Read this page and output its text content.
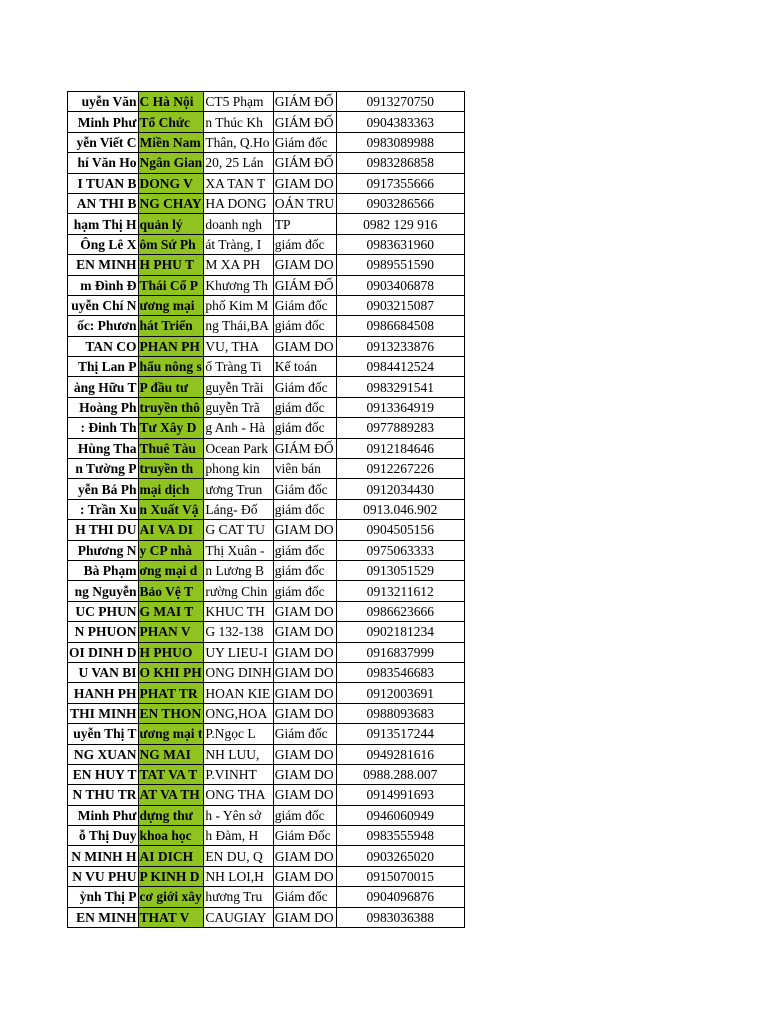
uyễn Văn	C Hà Nội	CT5 Phạm	GIÁM ĐỐ	0913270750
Minh Phư	Tổ Chức	n Thúc Kh	GIÁM ĐỐ	0904383363
yễn Viết C	Miền Nam	Thân, Q.Ho	Giám đốc	0983089988
hí Văn Ho	Ngân Gian	20, 25 Lán	GIÁM ĐỐ	0983286858
I TUAN B	DONG V	XA TAN T	GIAM DO	0917355666
AN THI B	NG CHAY	HA DONG	OÁN TRU	0903286566
hạm Thị H	quản lý	doanh ngh	TP	0982 129 916
Ông Lê X	ôm Sứ Ph	át Tràng, I	giám đốc	0983631960
EN MINH	H PHU T	M XA PH	GIAM DO	0989551590
m Đình Đ	Thái Cổ P	Khương Th	GIÁM ĐỐ	0903406878
uyễn Chí N	ương mại	phố Kim M	Giám đốc	0903215087
ốc: Phươn	hát Triển	ng Thái,BA	giám đốc	0986684508
TAN CO	PHAN PH	VU, THA	GIAM DO	0913233876
Thị Lan P	hẩu nông s	ố Tràng Ti	Kế toán	0984412524
àng Hữu T	P đầu tư	guyễn Trãi	Giám đốc	0983291541
Hoàng Ph	truyền thô	guyễn Trã	giám đốc	0913364919
: Đinh Th	Tư Xây D	g Anh - Hà	giám đốc	0977889283
Hùng Tha	Thuê Tàu	Ocean Park	GIÁM ĐỐ	0912184646
n Tường P	truyền th	phong kin	viên bán	0912267226
yễn Bá Ph	mại dịch	ương Trun	Giám đốc	0912034430
: Trần Xu	n Xuất Vậ	Láng- Đố	giám đốc	0913.046.902
H THI DU	AI VA DI	G CAT TU	GIAM DO	0904505156
Phương N	y CP nhà	Thị Xuân -	giám đốc	0975063333
Bà Phạm	ơng mại d	n Lương B	giám đốc	0913051529
ng Nguyễn	Bảo Vệ T	rường Chin	giám đốc	0913211612
UC PHUN	G MAI T	KHUC TH	GIAM DO	0986623666
N PHUON	PHAN V	G 132-138	GIAM DO	0902181234
OI DINH D	H PHUO	UY LIEU-I	GIAM DO	0916837999
U VAN BI	O KHI PH	ONG DINH	GIAM DO	0983546683
HANH PH	PHAT TR	HOAN KIE	GIAM DO	0912003691
THI MINH	EN THON	ONG,HOA	GIAM DO	0988093683
uyễn Thị T	ương mại t	P.Ngọc L	Giám đốc	0913517244
NG XUAN	NG MAI	NH LUU,	GIAM DO	0949281616
EN HUY T	TAT VA T	P.VINHT	GIAM DO	0988.288.007
N THU TR	AT VA TH	ONG THA	GIAM DO	0914991693
Minh Phư	dựng thư	h - Yên sở	giám đốc	0946060949
ỗ Thị Duy	khoa học	h Đàm, H	Giám Đốc	0983555948
N MINH H	AI DICH	EN DU, Q	GIAM DO	0903265020
N VU PHU	P KINH D	NH LOI,H	GIAM DO	0915070015
ỳnh Thị P	cơ giới xây	hương Tru	Giám đốc	0904096876
EN MINH	THAT V	CAUGIAY	GIAM DO	0983036388
